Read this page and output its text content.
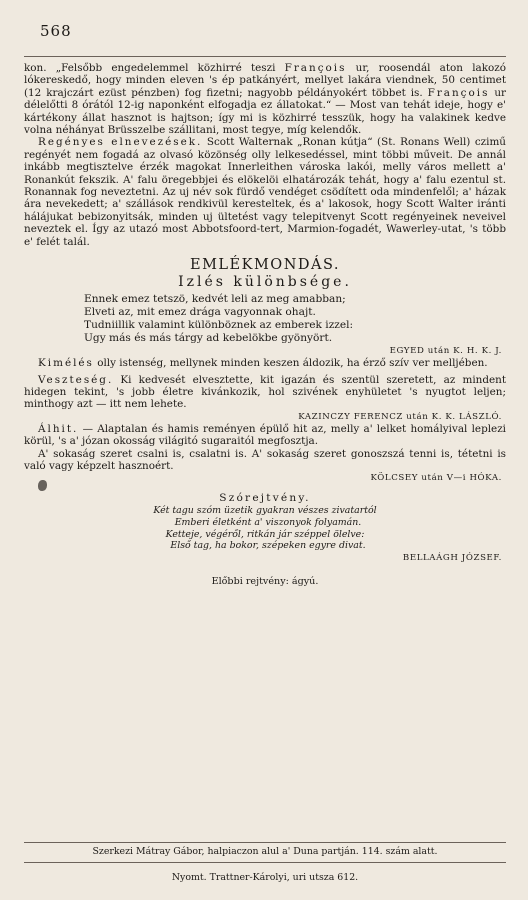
568

kon. „Felsőbb engedelemmel közhirré teszi François ur, roosendál aton lakozó lókereskedő, hogy minden eleven 's ép patkányért, mellyet lakára viendnek, 50 centimet (12 krajczárt ezüst pénzben) fog fizetni; nagyobb példányokért többet is. François ur délelőtti 8 órától 12-ig naponként elfogadja ez állatokat.“ — Most van tehát ideje, hogy e' kártékony állat hasznot is hajtson; így mi is közhirré tesszük, hogy ha valakinek kedve volna néhányat Brüsszelbe szállitani, most tegye, míg kelendők.

Regényes elnevezések. Scott Walternak „Ronan kútja“ (St. Ronans Well) czimű regényét nem fogadá az olvasó közönség olly lelkesedéssel, mint többi művеit. De annál inkább megtisztelve érzék magokat Innerleithen városka lakói, melly város mellett a' Ronankút fekszik. A' falu öregebbjei és elökelöi elhatározák tehát, hogy a' falu ezentul st. Ronannak fog neveztetni. Az uj név sok fürdő vendéget csödített oda mindenfelől; a' házak ára nevekedett; a' szállások rendkivül keresteltek, és a' lakosok, hogy Scott Walter iránti hálájukat bebizonyitsák, minden uj ültetést vagy telepitvenyt Scott regényeinek neveivel neveztek el. Így az utazó most Abbotsfoord-tert, Marmion-fogadét, Wawerley-utat, 's több e' felét talál.

EMLÉKMONDÁS.
Izlés különbsége.
Ennek emez tetszö, kedvét leli az meg amabban;
Elveti az, mit emez drága vagyonnak ohajt.
Tudniillik valamint különböznek az emberek izzel:
Ugy más és más tárgy ad kebelökbe gyönyört.
EGYED után K. H. K. J.

Kimélés olly istenség, mellynek minden keszen áldozik, ha érző szív ver melljében.

Veszteség. Ki kedvesét elvesztette, kit igazán és szentül szeretett, az mindent hidegen tekint, 's jobb életre kivánkozik, hol szivének enyhületet 's nyugtot leljen; minthogy azt — itt nem lehete.

KAZINCZY FERENCZ után K. K. LÁSZLÓ.

Álhit. — Alaptalan és hamis reményen épülő hit az, melly a' lelket homályival leplezi körül, 's a' józan okosság világitó sugaraitól megfosztja.

A' sokaság szeret csalni is, csalatni is. A' sokaság szeret gonoszszá tenni is, tétetni is való vagy képzelt hasznoért.

KÖLCSEY után V—i HÓKA.
Szórejtvény.
Két tagu szóm üzetik gyakran vészes zivatartól
Emberi életként a' viszonyok folyamán.
Ketteje, végéről, ritkán jár széppel ölelve:
Első tag, ha bokor, szépeken egyre divat.
BELLAÁGH JÓZSEF.
Előbbi rejtvény: ágyú.
Szerkezi Mátray Gábor, halpiaczon alul a' Duna partján. 114. szám alatt.
Nyomt. Trattner-Károlyi, uri utsza 612.
